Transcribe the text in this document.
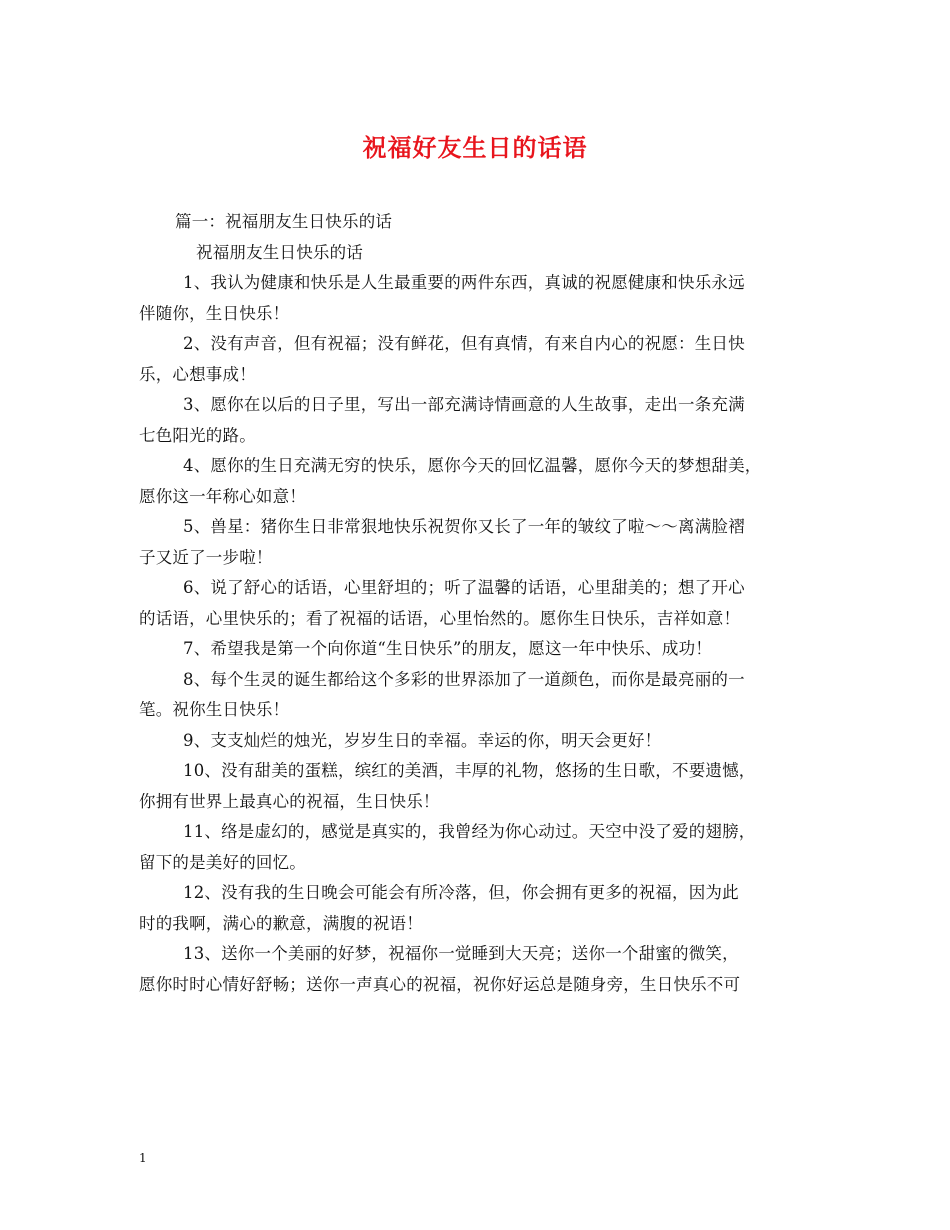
祝福好友生日的话语
篇一：祝福朋友生日快乐的话
祝福朋友生日快乐的话
1、我认为健康和快乐是人生最重要的两件东西，真诚的祝愿健康和快乐永远
伴随你，生日快乐！
2、没有声音，但有祝福；没有鲜花，但有真情，有来自内心的祝愿：生日快
乐，心想事成！
3、愿你在以后的日子里，写出一部充满诗情画意的人生故事，走出一条充满
七色阳光的路。
4、愿你的生日充满无穷的快乐，愿你今天的回忆温馨，愿你今天的梦想甜美，
愿你这一年称心如意！
5、兽星：猪你生日非常狠地快乐祝贺你又长了一年的皱纹了啦～～离满脸褶
子又近了一步啦！
6、说了舒心的话语，心里舒坦的；听了温馨的话语，心里甜美的；想了开心
的话语，心里快乐的；看了祝福的话语，心里怡然的。愿你生日快乐，吉祥如意！
7、希望我是第一个向你道“生日快乐”的朋友，愿这一年中快乐、成功！
8、每个生灵的诞生都给这个多彩的世界添加了一道颜色，而你是最亮丽的一
笔。祝你生日快乐！
9、支支灿烂的烛光，岁岁生日的幸福。幸运的你，明天会更好！
10、没有甜美的蛋糕，缤红的美酒，丰厚的礼物，悠扬的生日歌，不要遗憾，
你拥有世界上最真心的祝福，生日快乐！
11、络是虚幻的，感觉是真实的，我曾经为你心动过。天空中没了爱的翅膀，
留下的是美好的回忆。
12、没有我的生日晚会可能会有所冷落，但，你会拥有更多的祝福，因为此
时的我啊，满心的歉意，满腹的祝语！
13、送你一个美丽的好梦，祝福你一觉睡到大天亮；送你一个甜蜜的微笑，
愿你时时心情好舒畅；送你一声真心的祝福，祝你好运总是随身旁，生日快乐不可
1
